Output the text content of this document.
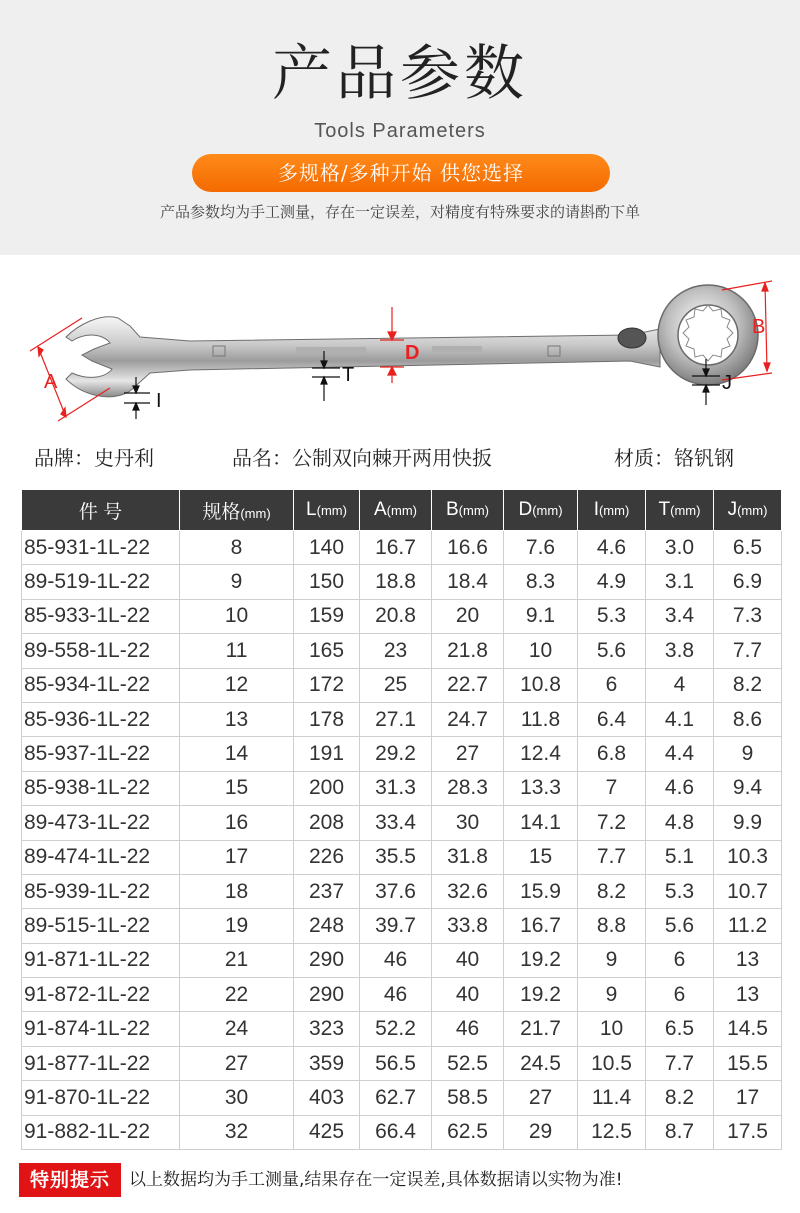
产品参数
Tools Parameters
多规格/多种开始 供您选择
产品参数均为手工测量，存在一定误差，对精度有特殊要求的请斟酌下单
A
B
D
I
T	J
品牌：史丹利	品名：公制双向棘开两用快扳	材质：铬钒钢
件 号	规格(mm)	L(mm)	A(mm)	B(mm)	D(mm)	I(mm)	T(mm)	J(mm)
85-931-1L-22	8	140	16.7	16.6	7.6	4.6	3.0	6.5
89-519-1L-22	9	150	18.8	18.4	8.3	4.9	3.1	6.9
85-933-1L-22	10	159	20.8	20	9.1	5.3	3.4	7.3
89-558-1L-22	11	165	23	21.8	10	5.6	3.8	7.7
85-934-1L-22	12	172	25	22.7	10.8	6	4	8.2
85-936-1L-22	13	178	27.1	24.7	11.8	6.4	4.1	8.6
85-937-1L-22	14	191	29.2	27	12.4	6.8	4.4	9
85-938-1L-22	15	200	31.3	28.3	13.3	7	4.6	9.4
89-473-1L-22	16	208	33.4	30	14.1	7.2	4.8	9.9
89-474-1L-22	17	226	35.5	31.8	15	7.7	5.1	10.3
85-939-1L-22	18	237	37.6	32.6	15.9	8.2	5.3	10.7
89-515-1L-22	19	248	39.7	33.8	16.7	8.8	5.6	11.2
91-871-1L-22	21	290	46	40	19.2	9	6	13
91-872-1L-22	22	290	46	40	19.2	9	6	13
91-874-1L-22	24	323	52.2	46	21.7	10	6.5	14.5
91-877-1L-22	27	359	56.5	52.5	24.5	10.5	7.7	15.5
91-870-1L-22	30	403	62.7	58.5	27	11.4	8.2	17
91-882-1L-22	32	425	66.4	62.5	29	12.5	8.7	17.5
特别提示	以上数据均为手工测量,结果存在一定误差,具体数据请以实物为准!
